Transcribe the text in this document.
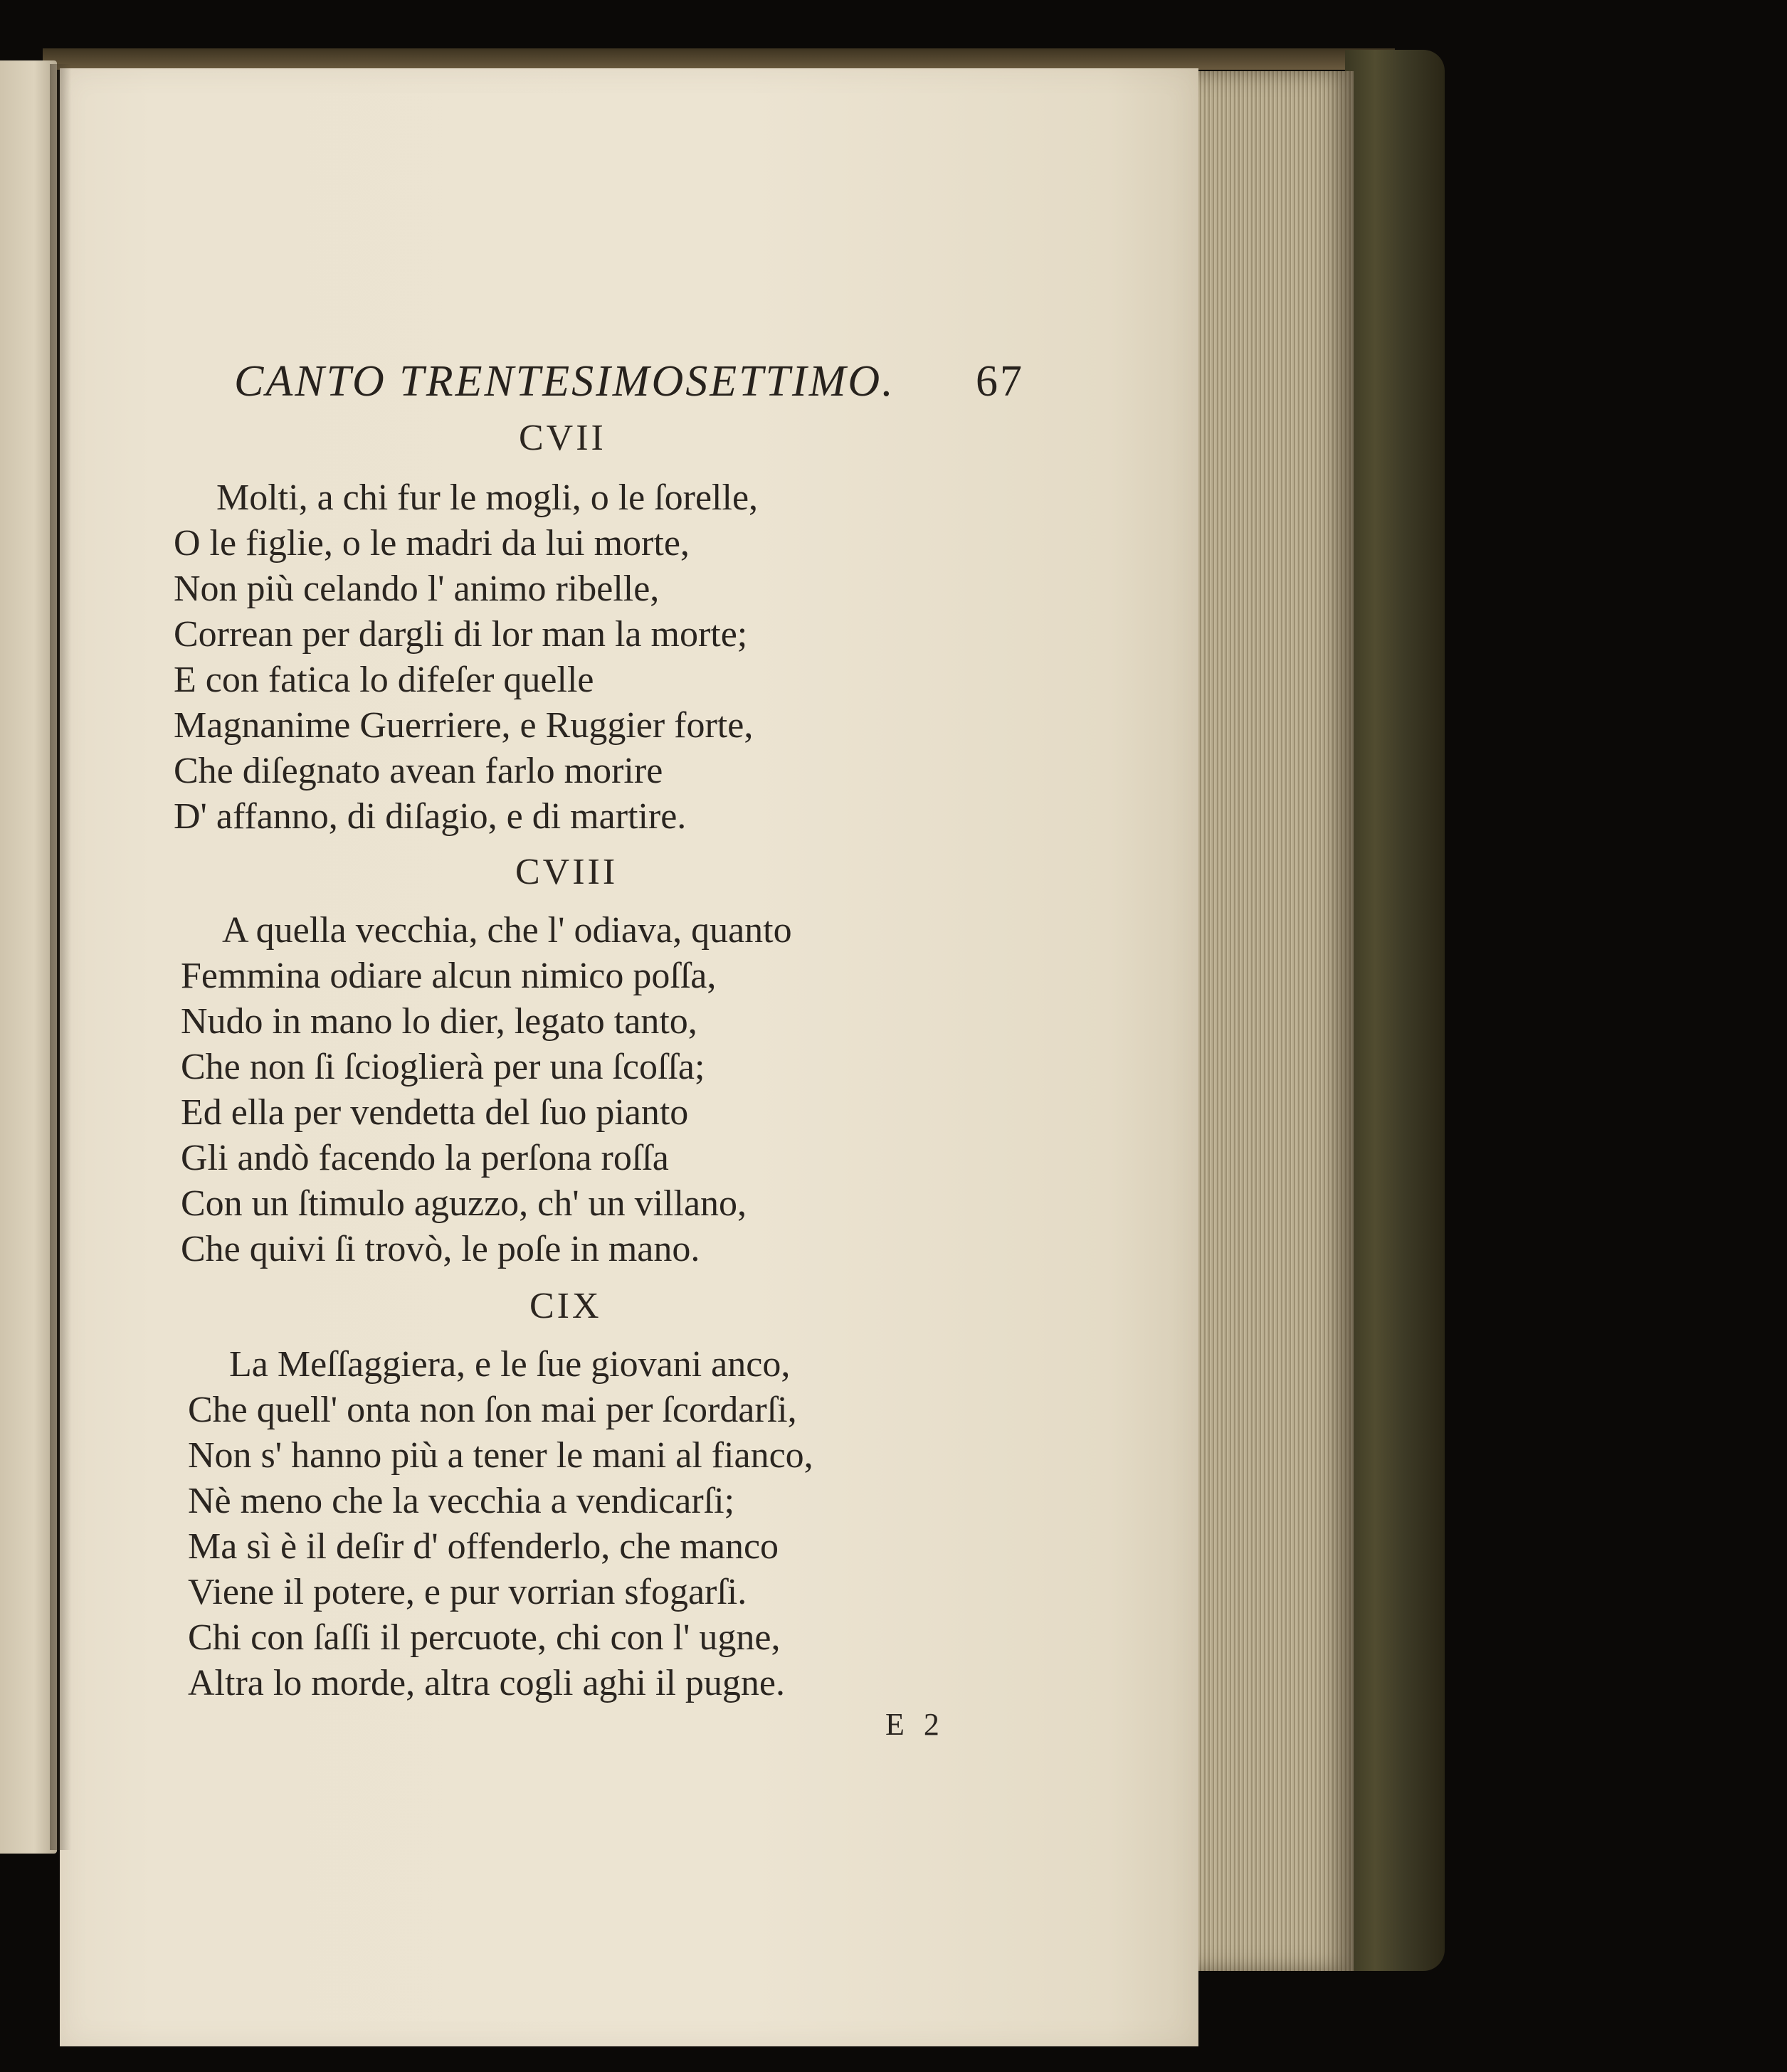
CANTO TRENTESIMOSETTIMO. 67
CVII
Molti, a chi fur le mogli, o le ſorelle,
O le figlie, o le madri da lui morte,
Non più celando l' animo ribelle,
Correan per dargli di lor man la morte;
E con fatica lo difeſer quelle
Magnanime Guerriere, e Ruggier forte,
Che diſegnato avean farlo morire
D' affanno, di diſagio, e di martire.
CVIII
A quella vecchia, che l' odiava, quanto
Femmina odiare alcun nimico poſſa,
Nudo in mano lo dier, legato tanto,
Che non ſi ſcioglierà per una ſcoſſa;
Ed ella per vendetta del ſuo pianto
Gli andò facendo la perſona roſſa
Con un ſtimulo aguzzo, ch' un villano,
Che quivi ſi trovò, le poſe in mano.
CIX
La Meſſaggiera, e le ſue giovani anco,
Che quell' onta non ſon mai per ſcordarſi,
Non s' hanno più a tener le mani al fianco,
Nè meno che la vecchia a vendicarſi;
Ma sì è il deſir d' offenderlo, che manco
Viene il potere, e pur vorrian sfogarſi.
Chi con ſaſſi il percuote, chi con l' ugne,
Altra lo morde, altra cogli aghi il pugne.
E 2
